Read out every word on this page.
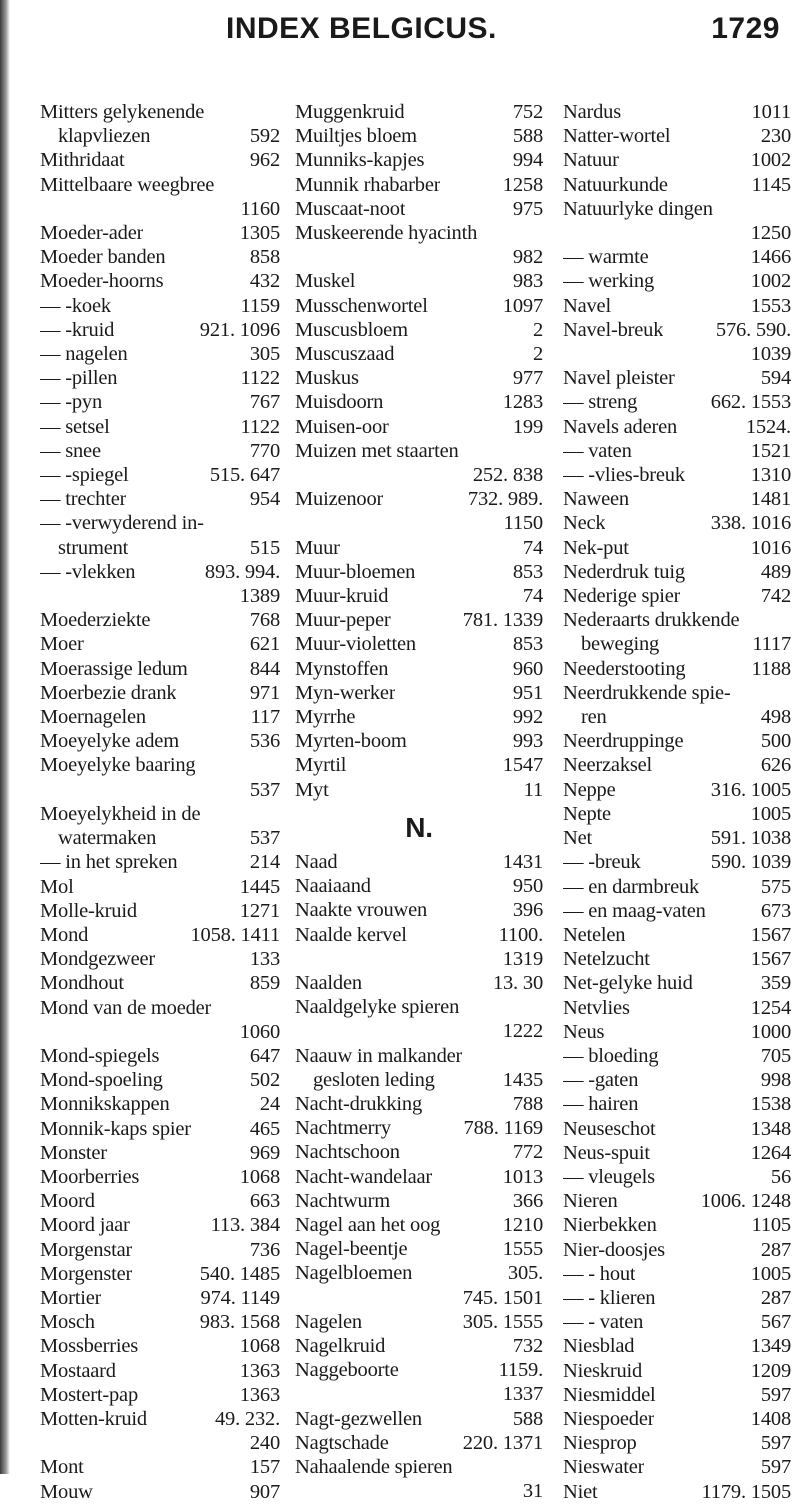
INDEX BELGICUS.	1729
Mitters gelykenende
klapvliezen	592
Mithridaat	962
Mittelbaare weegbree
1160
Moeder-ader	1305
Moeder banden	858
Moeder-hoorns	432
— -koek	1159
— -kruid	921. 1096
— nagelen	305
— -pillen	1122
— -pyn	767
— setsel	1122
— snee	770
— -spiegel	515. 647
— trechter	954
— -verwyderend in-
strument	515
— -vlekken	893. 994.
1389
Moederziekte	768
Moer	621
Moerassige ledum	844
Moerbezie drank	971
Moernagelen	117
Moeyelyke adem	536
Moeyelyke baaring
537
Moeyelykheid in de
watermaken	537
— in het spreken	214
Mol	1445
Molle-kruid	1271
Mond	1058. 1411
Mondgezweer	133
Mondhout	859
Mond van de moeder
1060
Mond-spiegels	647
Mond-spoeling	502
Monnikskappen	24
Monnik-kaps spier	465
Monster	969
Moorberries	1068
Moord	663
Moord jaar	113. 384
Morgenstar	736
Morgenster	540. 1485
Mortier	974. 1149
Mosch	983. 1568
Mossberries	1068
Mostaard	1363
Mostert-pap	1363
Motten-kruid	49. 232.
240
Mont	157
Mouw	907
Muggenkruid	752
Muiltjes bloem	588
Munniks-kapjes	994
Munnik rhabarber	1258
Muscaat-noot	975
Muskeerende hyacinth
982
Muskel	983
Musschenwortel	1097
Muscusbloem	2
Muscuszaad	2
Muskus	977
Muisdoorn	1283
Muisen-oor	199
Muizen met staarten
252. 838
Muizenoor	732. 989.
1150
Muur	74
Muur-bloemen	853
Muur-kruid	74
Muur-peper	781. 1339
Muur-violetten	853
Mynstoffen	960
Myn-werker	951
Myrrhe	992
Myrten-boom	993
Myrtil	1547
Myt	11
N.
Naad	1431
Naaiaand	950
Naakte vrouwen	396
Naalde kervel	1100.
1319
Naalden	13. 30
Naaldgelyke spieren
1222
Naauw in malkander
gesloten leding	1435
Nacht-drukking	788
Nachtmerry	788. 1169
Nachtschoon	772
Nacht-wandelaar	1013
Nachtwurm	366
Nagel aan het oog	1210
Nagel-beentje	1555
Nagelbloemen	305.
745. 1501
Nagelen	305. 1555
Nagelkruid	732
Naggeboorte	1159.
1337
Nagt-gezwellen	588
Nagtschade	220. 1371
Nahaalende spieren
31
Nardus	1011
Natter-wortel	230
Natuur	1002
Natuurkunde	1145
Natuurlyke dingen
1250
— warmte	1466
— werking	1002
Navel	1553
Navel-breuk	576. 590.
1039
Navel pleister	594
— streng	662. 1553
Navels aderen	1524.
— vaten	1521
— -vlies-breuk	1310
Naween	1481
Neck	338. 1016
Nek-put	1016
Nederdruk tuig	489
Nederige spier	742
Nederaarts drukkende
beweging	1117
Neederstooting	1188
Neerdrukkende spie-
ren	498
Neerdruppinge	500
Neerzaksel	626
Neppe	316. 1005
Nepte	1005
Net	591. 1038
— -breuk	590. 1039
— en darmbreuk	575
— en maag-vaten	673
Netelen	1567
Netelzucht	1567
Net-gelyke huid	359
Netvlies	1254
Neus	1000
— bloeding	705
— -gaten	998
— hairen	1538
Neuseschot	1348
Neus-spuit	1264
— vleugels	56
Nieren	1006. 1248
Nierbekken	1105
Nier-doosjes	287
— - hout	1005
— - klieren	287
— - vaten	567
Niesblad	1349
Nieskruid	1209
Niesmiddel	597
Niespoeder	1408
Niesprop	597
Nieswater	597
Niet	1179. 1505
